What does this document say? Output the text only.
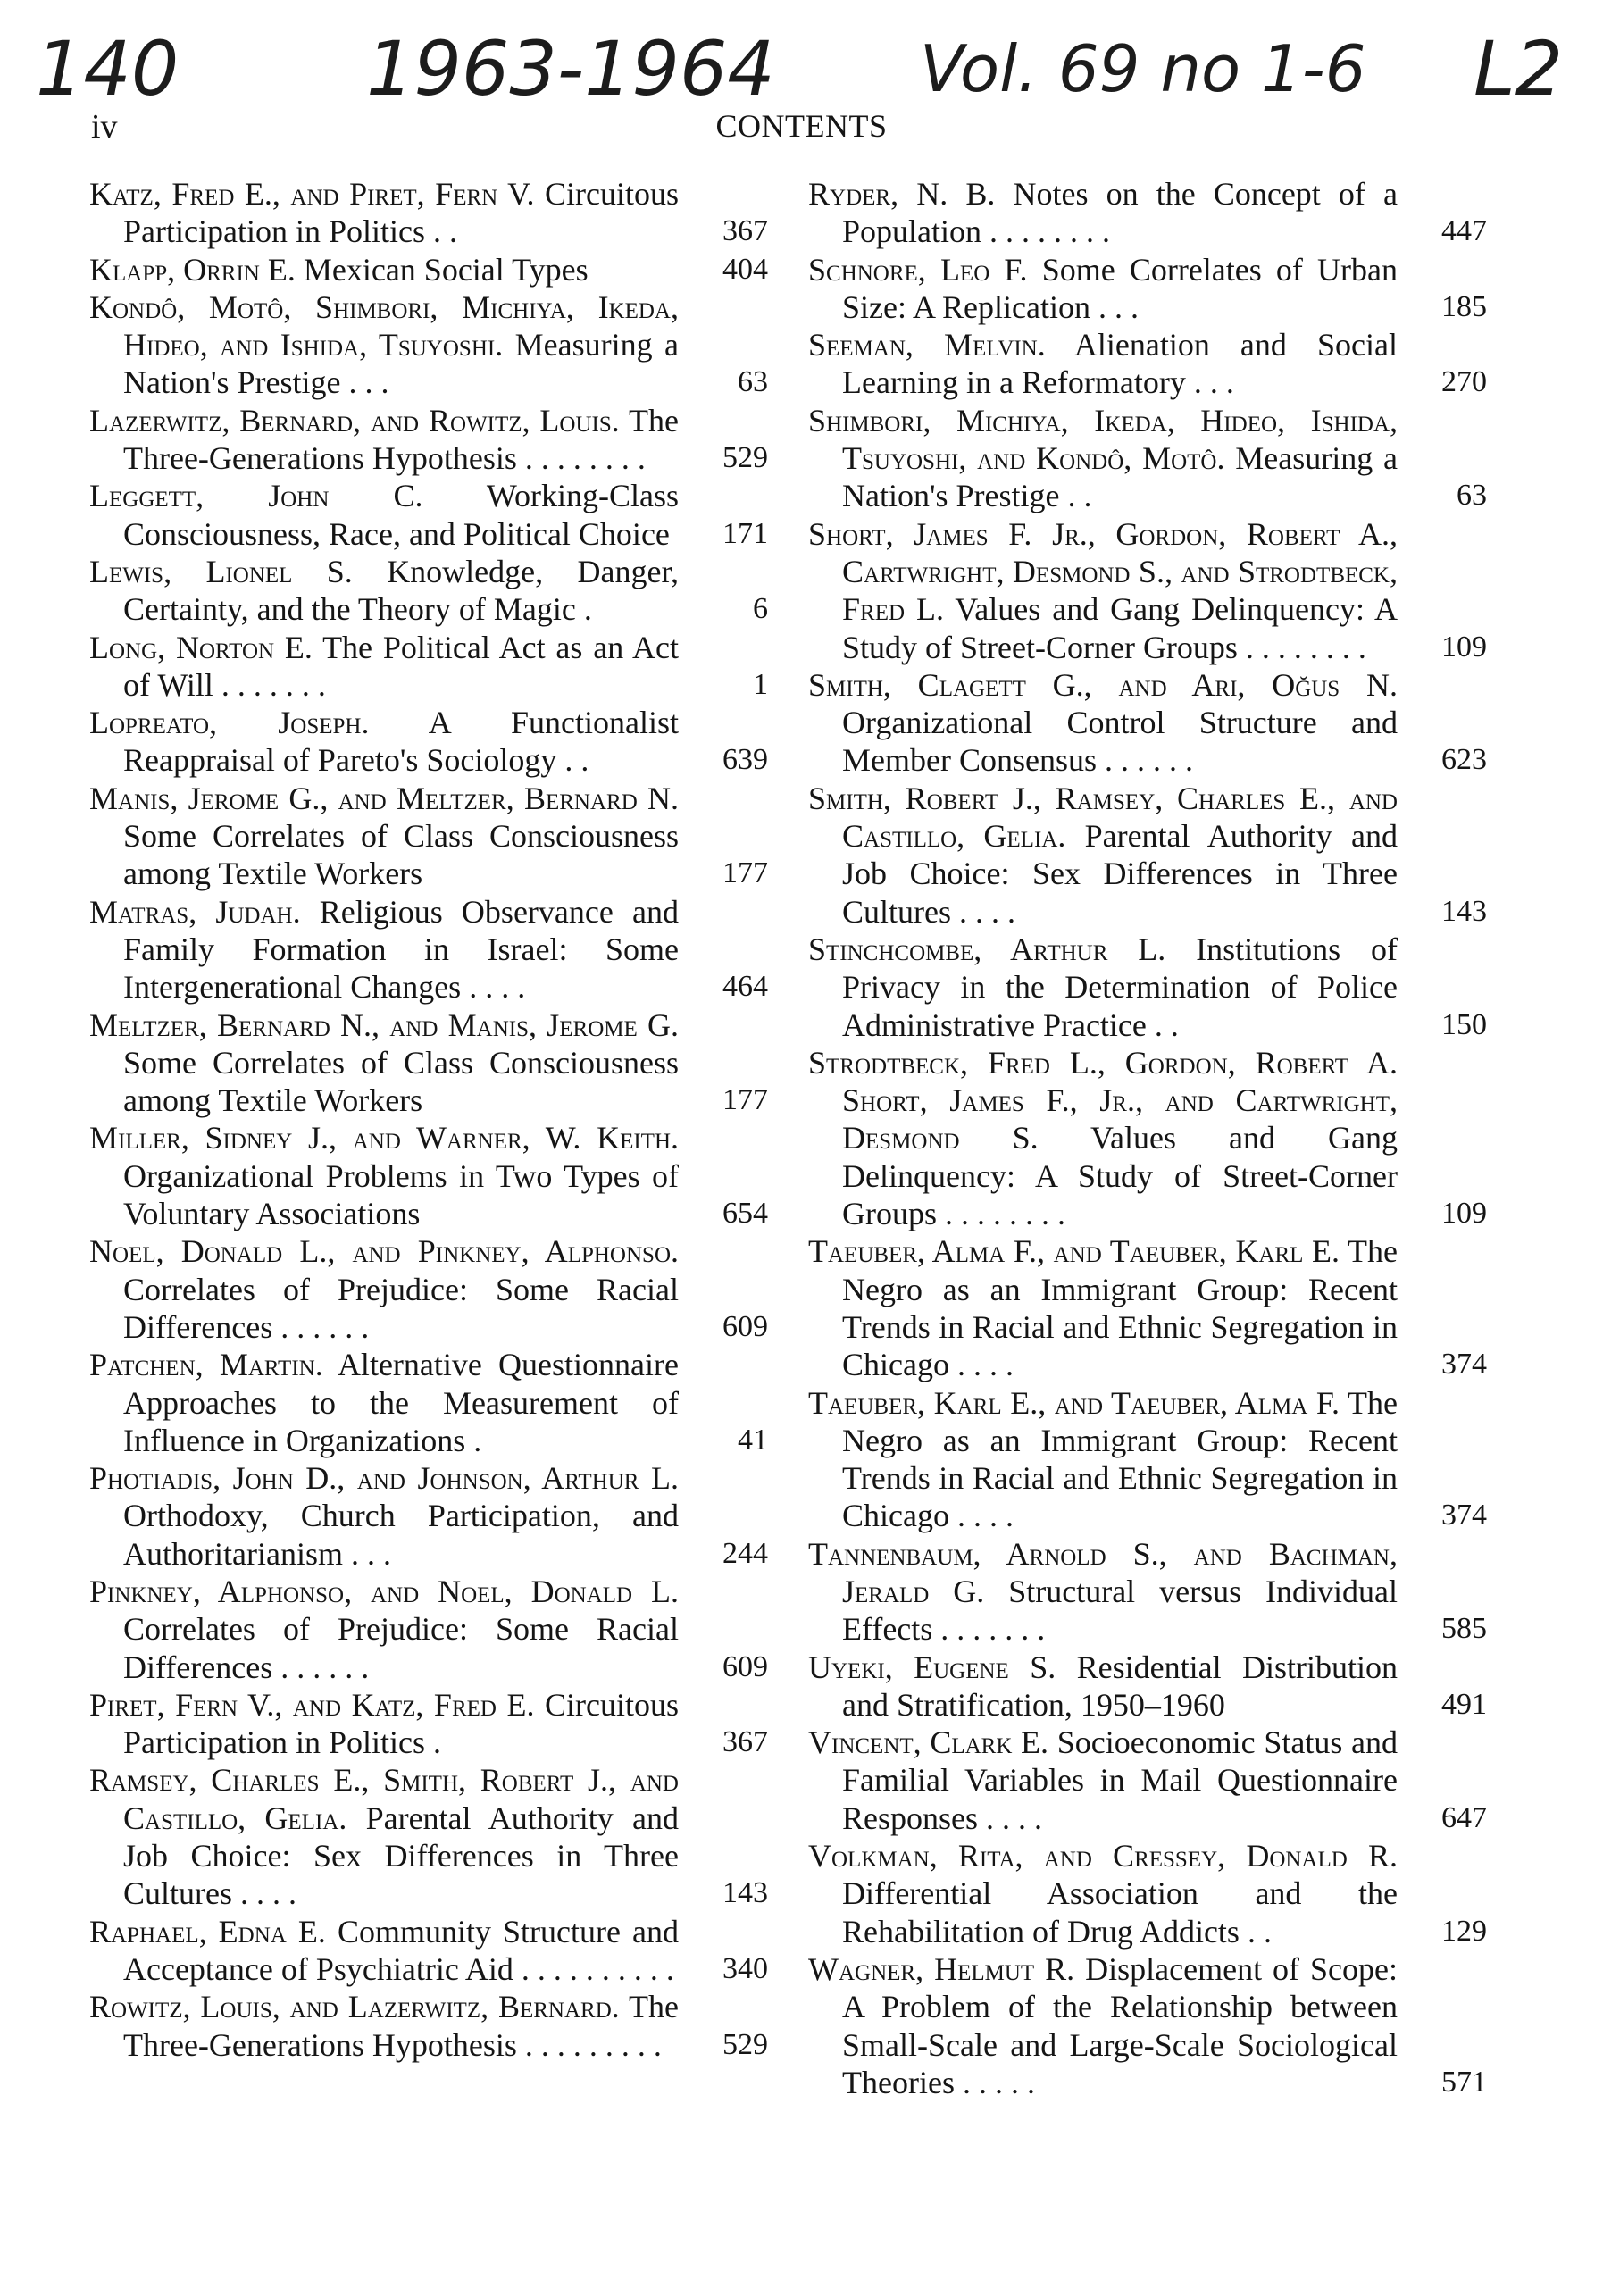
140 1963-1964 Vol. 69 no 1-6 L2
iv	CONTENTS
Katz, Fred E., and Piret, Fern V. Circuitous Participation in Politics . .	367
Klapp, Orrin E. Mexican Social Types	404
Kondô, Motô, Shimbori, Michiya, Ikeda, Hideo, and Ishida, Tsuyoshi. Measuring a Nation's Prestige . . .	63
Lazerwitz, Bernard, and Rowitz, Louis. The Three-Generations Hypothesis . . . . . . . .	529
Leggett, John C. Working-Class Consciousness, Race, and Political Choice	171
Lewis, Lionel S. Knowledge, Danger, Certainty, and the Theory of Magic .	6
Long, Norton E. The Political Act as an Act of Will . . . . . . .	1
Lopreato, Joseph. A Functionalist Reappraisal of Pareto's Sociology . .	639
Manis, Jerome G., and Meltzer, Bernard N. Some Correlates of Class Consciousness among Textile Workers	177
Matras, Judah. Religious Observance and Family Formation in Israel: Some Intergenerational Changes . . . .	464
Meltzer, Bernard N., and Manis, Jerome G. Some Correlates of Class Consciousness among Textile Workers	177
Miller, Sidney J., and Warner, W. Keith. Organizational Problems in Two Types of Voluntary Associations	654
Noel, Donald L., and Pinkney, Alphonso. Correlates of Prejudice: Some Racial Differences . . . . . .	609
Patchen, Martin. Alternative Questionnaire Approaches to the Measurement of Influence in Organizations .	41
Photiadis, John D., and Johnson, Arthur L. Orthodoxy, Church Participation, and Authoritarianism . . .	244
Pinkney, Alphonso, and Noel, Donald L. Correlates of Prejudice: Some Racial Differences . . . . . .	609
Piret, Fern V., and Katz, Fred E. Circuitous Participation in Politics .	367
Ramsey, Charles E., Smith, Robert J., and Castillo, Gelia. Parental Authority and Job Choice: Sex Differences in Three Cultures . . . .	143
Raphael, Edna E. Community Structure and Acceptance of Psychiatric Aid . . . . . . . . . .	340
Rowitz, Louis, and Lazerwitz, Bernard. The Three-Generations Hypothesis . . . . . . . . .	529
Ryder, N. B. Notes on the Concept of a Population . . . . . . . .	447
Schnore, Leo F. Some Correlates of Urban Size: A Replication . . .	185
Seeman, Melvin. Alienation and Social Learning in a Reformatory . . .	270
Shimbori, Michiya, Ikeda, Hideo, Ishida, Tsuyoshi, and Kondô, Motô. Measuring a Nation's Prestige . .	63
Short, James F. Jr., Gordon, Robert A., Cartwright, Desmond S., and Strodtbeck, Fred L. Values and Gang Delinquency: A Study of Street-Corner Groups . . . . . . . .	109
Smith, Clagett G., and Ari, Oğus N. Organizational Control Structure and Member Consensus . . . . . .	623
Smith, Robert J., Ramsey, Charles E., and Castillo, Gelia. Parental Authority and Job Choice: Sex Differences in Three Cultures . . . .	143
Stinchcombe, Arthur L. Institutions of Privacy in the Determination of Police Administrative Practice . .	150
Strodtbeck, Fred L., Gordon, Robert A. Short, James F., Jr., and Cartwright, Desmond S. Values and Gang Delinquency: A Study of Street-Corner Groups . . . . . . . .	109
Taeuber, Alma F., and Taeuber, Karl E. The Negro as an Immigrant Group: Recent Trends in Racial and Ethnic Segregation in Chicago . . . .	374
Taeuber, Karl E., and Taeuber, Alma F. The Negro as an Immigrant Group: Recent Trends in Racial and Ethnic Segregation in Chicago . . . .	374
Tannenbaum, Arnold S., and Bachman, Jerald G. Structural versus Individual Effects . . . . . . .	585
Uyeki, Eugene S. Residential Distribution and Stratification, 1950–1960	491
Vincent, Clark E. Socioeconomic Status and Familial Variables in Mail Questionnaire Responses . . . .	647
Volkman, Rita, and Cressey, Donald R. Differential Association and the Rehabilitation of Drug Addicts . .	129
Wagner, Helmut R. Displacement of Scope: A Problem of the Relationship between Small-Scale and Large-Scale Sociological Theories . . . . .	571
